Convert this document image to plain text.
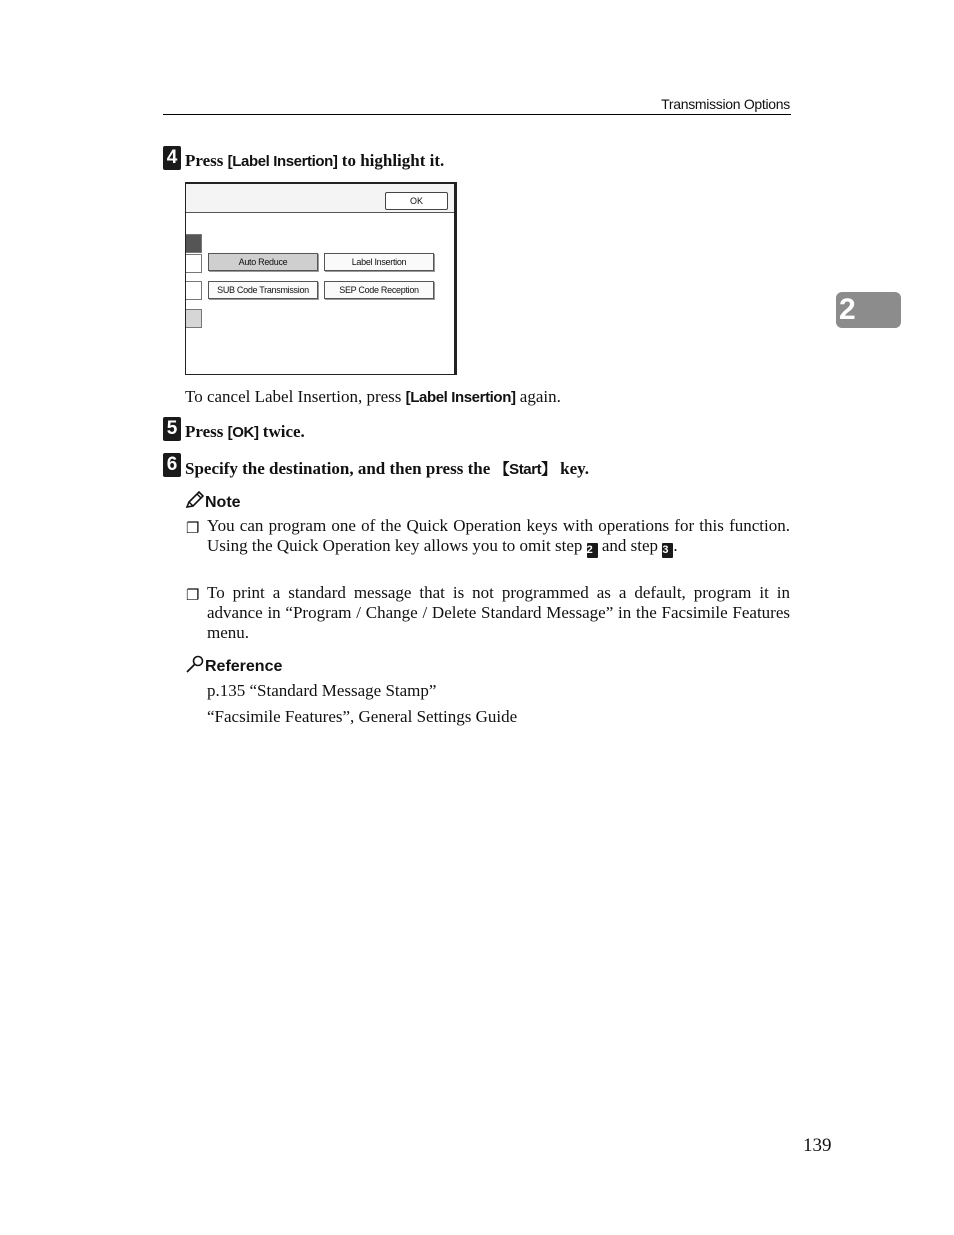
Transmission Options
2
4 Press [Label Insertion] to highlight it.
OK
Auto Reduce	Label Insertion
SUB Code Transmission	SEP Code Reception
To cancel Label Insertion, press [Label Insertion] again.
5 Press [OK] twice.
6 Specify the destination, and then press the 【Start】 key.
Note
❐ You can program one of the Quick Operation keys with operations for this function. Using the Quick Operation key allows you to omit step 2 and step 3 .
❐ To print a standard message that is not programmed as a default, program it in advance in “Program / Change / Delete Standard Message” in the Facsimile Features menu.
Reference
p.135 “Standard Message Stamp”
“Facsimile Features”, General Settings Guide
139
